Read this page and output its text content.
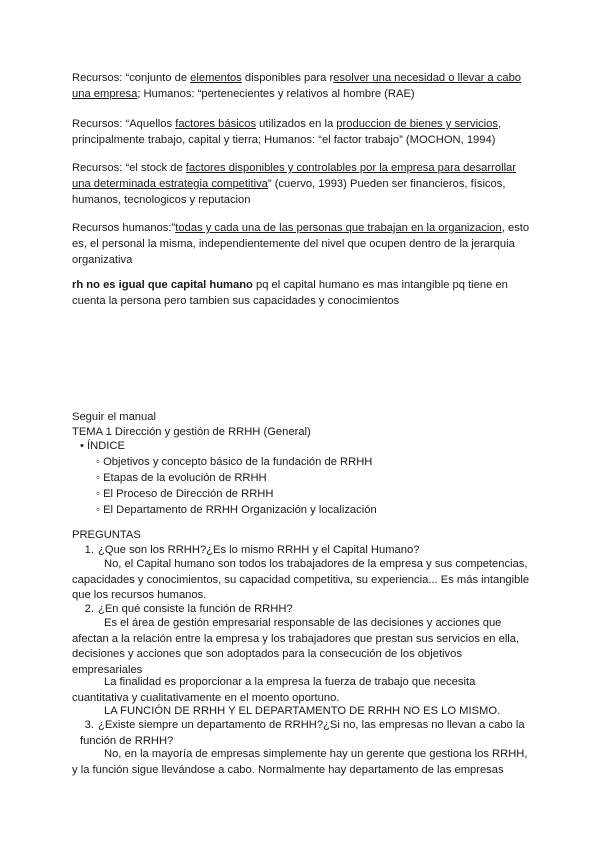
Recursos: “conjunto de elementos disponibles para resolver una necesidad o llevar a cabo una empresa; Humanos: “pertenecientes y relativos al hombre (RAE)

Recursos: “Aquellos factores básicos utilizados en la produccion de bienes y servicios, principalmente trabajo, capital y tierra; Humanos: “el factor trabajo” (MOCHON, 1994)

Recursos: “el stock de factores disponibles y controlables por la empresa para desarrollar una determinada estrategia competitiva” (cuervo, 1993) Pueden ser financieros, físicos, humanos, tecnologicos y reputacion

Recursos humanos:”todas y cada una de las personas que trabajan en la organizacion, esto es, el personal la misma, independientemente del nivel que ocupen dentro de la jerarquia organizativa

rh no es igual que capital humano pq el capital humano es mas intangible pq tiene en cuenta la persona pero tambien sus capacidades y conocimientos

Seguir el manual
TEMA 1 Dirección y gestión de RRHH (General)
• ÍNDICE
◦ Objetivos y concepto básico de la fundación de RRHH
◦ Etapas de la evolución de RRHH
◦ El Proceso de Dirección de RRHH
◦ El Departamento de RRHH Organización y localización
PREGUNTAS
1. ¿Que son los RRHH?¿Es lo mismo RRHH y el Capital Humano?
No, el Capital humano son todos los trabajadores de la empresa y sus competencias, capacidades y conocimientos, su capacidad competitiva, su experiencia... Es más intangible que los recursos humanos.
2. ¿En qué consiste la función de RRHH?
Es el área de gestión empresarial responsable de las decisiones y acciones que afectan a la relación entre la empresa y los trabajadores que prestan sus servicios en ella, decisiones y acciones que son adoptados para la consecución de los objetivos empresariales
La finalidad es proporcionar a la empresa la fuerza de trabajo que necesita cuantitativa y cualitativamente en el moento oportuno.
LA FUNCIÓN DE RRHH Y EL DEPARTAMENTO DE RRHH NO ES LO MISMO.
3. ¿Existe siempre un departamento de RRHH?¿Si no, las empresas no llevan a cabo la función de RRHH?
No, en la mayoría de empresas simplemente hay un gerente que gestiona los RRHH, y la función sigue llevándose a cabo. Normalmente hay departamento de las empresas
